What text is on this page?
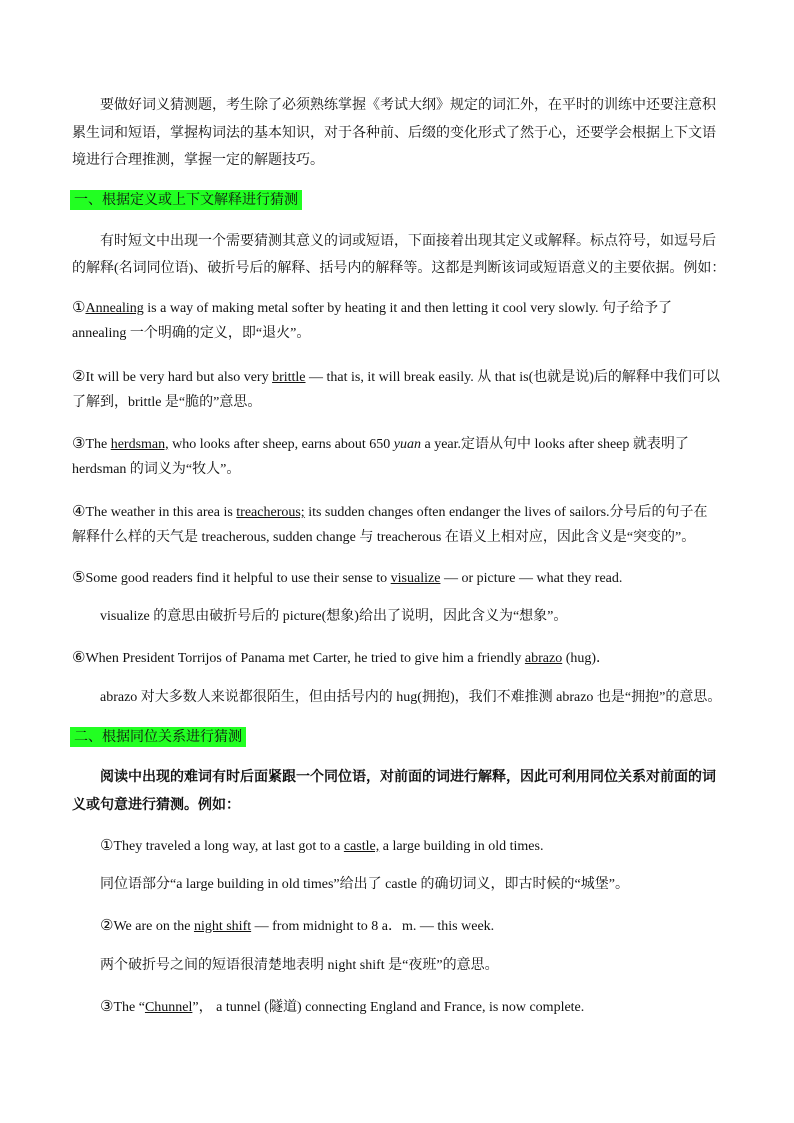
要做好词义猜测题，考生除了必须熟练掌握《考试大纲》规定的词汇外，在平时的训练中还要注意积
累生词和短语，掌握构词法的基本知识，对于各种前、后缀的变化形式了然于心，还要学会根据上下文语
境进行合理推测，掌握一定的解题技巧。
一、根据定义或上下文解释进行猜测
有时短文中出现一个需要猜测其意义的词或短语，下面接着出现其定义或解释。标点符号，如逗号后
的解释(名词同位语)、破折号后的解释、括号内的解释等。这都是判断该词或短语意义的主要依据。例如：
①Annealing is a way of making metal softer by heating it and then letting it cool very slowly. 句子给予了
annealing 一个明确的定义，即“退火”。
②It will be very hard but also very brittle — that is, it will break easily. 从 that is(也就是说)后的解释中我们可以
了解到，brittle 是“脆的”意思。
③The herdsman, who looks after sheep, earns about 650 yuan a year.定语从句中 looks after sheep 就表明了
herdsman 的词义为“牧人”。
④The weather in this area is treacherous; its sudden changes often endanger the lives of sailors.分号后的句子在
解释什么样的天气是 treacherous, sudden change 与 treacherous 在语义上相对应，因此含义是“突变的”。
⑤Some good readers find it helpful to use their sense to visualize — or picture — what they read.
visualize 的意思由破折号后的 picture(想象)给出了说明，因此含义为“想象”。
⑥When President Torrijos of Panama met Carter, he tried to give him a friendly abrazo (hug)．
abrazo 对大多数人来说都很陌生，但由括号内的 hug(拥抱)，我们不难推测 abrazo 也是“拥抱”的意思。
二、根据同位关系进行猜测
阅读中出现的难词有时后面紧跟一个同位语，对前面的词进行解释，因此可利用同位关系对前面的词
义或句意进行猜测。例如：
①They traveled a long way, at last got to a castle, a large building in old times.
同位语部分“a large building in old times”给出了 castle 的确切词义，即古时候的“城堡”。
②We are on the night shift — from midnight to 8 a．m. — this week.
两个破折号之间的短语很清楚地表明 night shift 是“夜班”的意思。
③The “Chunnel”， a tunnel (隧道) connecting England and France, is now complete.
